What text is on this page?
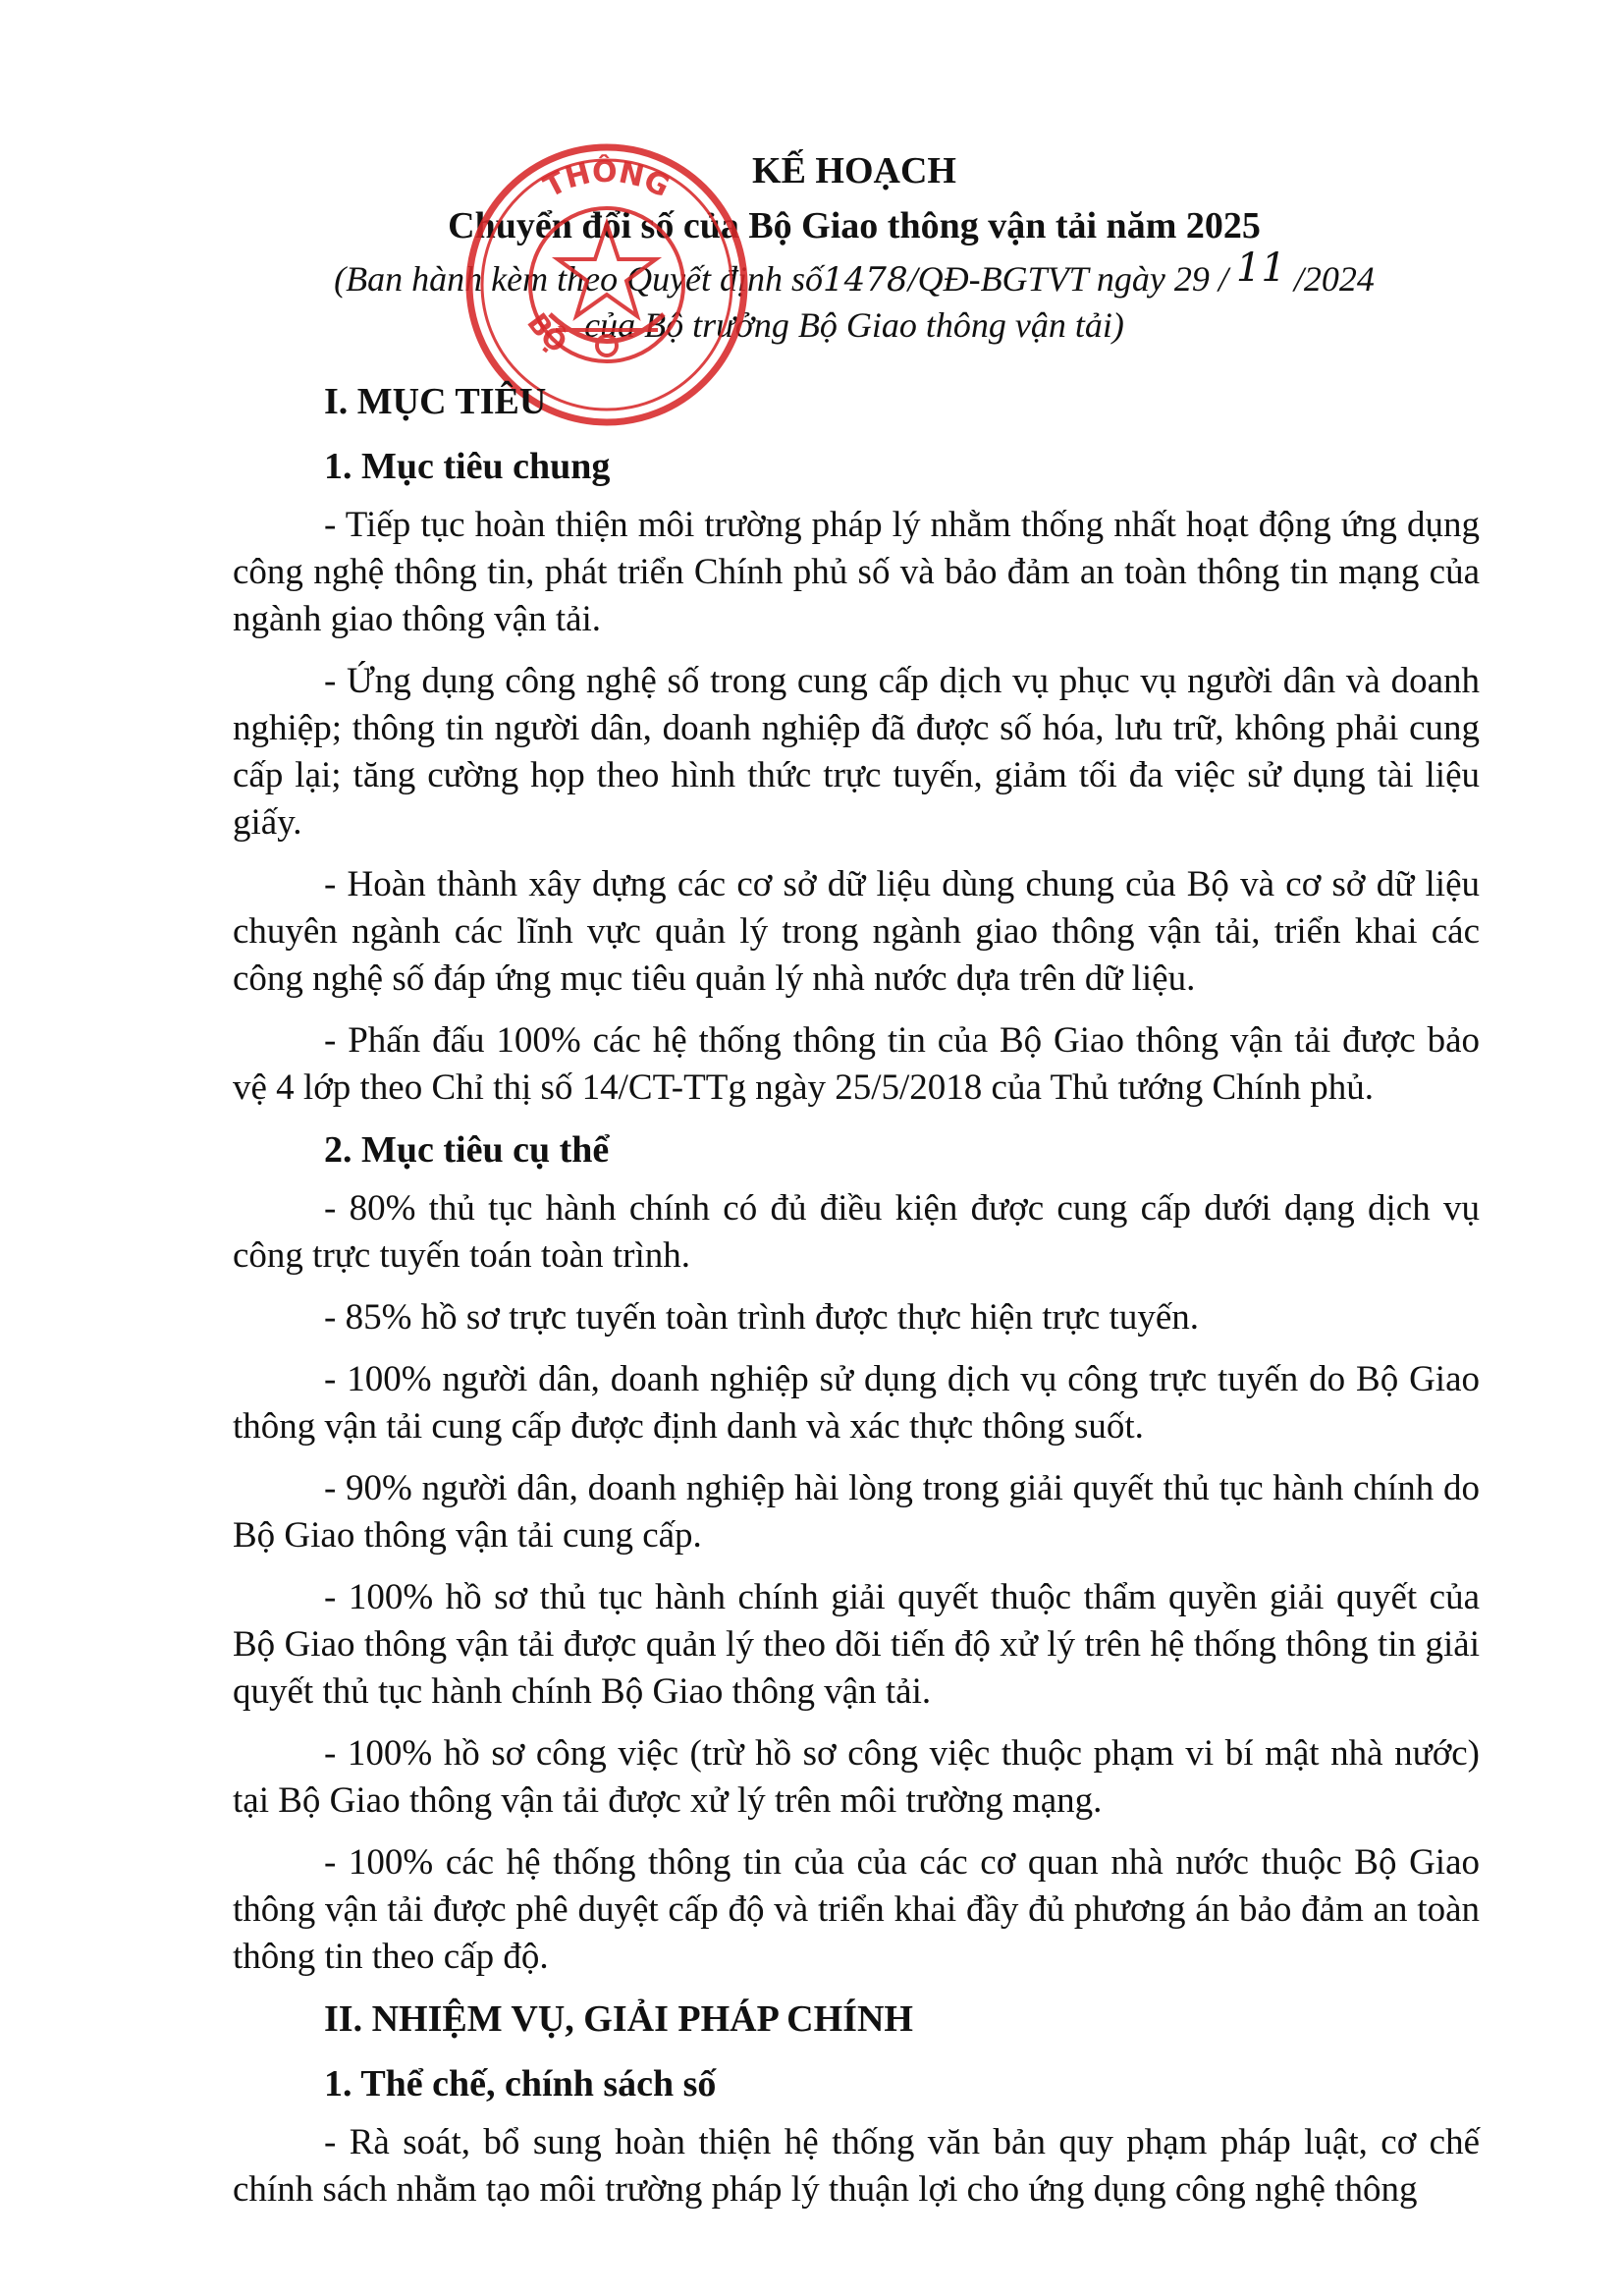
KẾ HOẠCH
Chuyển đổi số của Bộ Giao thông vận tải năm 2025
(Ban hành kèm theo Quyết định số1478/QĐ-BGTVT ngày 29 / 11 /2024
của Bộ trưởng Bộ Giao thông vận tải)
THÔNG
BỘ
I. MỤC TIÊU
1. Mục tiêu chung

- Tiếp tục hoàn thiện môi trường pháp lý nhằm thống nhất hoạt động ứng dụng công nghệ thông tin, phát triển Chính phủ số và bảo đảm an toàn thông tin mạng của ngành giao thông vận tải.

- Ứng dụng công nghệ số trong cung cấp dịch vụ phục vụ người dân và doanh nghiệp; thông tin người dân, doanh nghiệp đã được số hóa, lưu trữ, không phải cung cấp lại; tăng cường họp theo hình thức trực tuyến, giảm tối đa việc sử dụng tài liệu giấy.

- Hoàn thành xây dựng các cơ sở dữ liệu dùng chung của Bộ và cơ sở dữ liệu chuyên ngành các lĩnh vực quản lý trong ngành giao thông vận tải, triển khai các công nghệ số đáp ứng mục tiêu quản lý nhà nước dựa trên dữ liệu.

- Phấn đấu 100% các hệ thống thông tin của Bộ Giao thông vận tải được bảo vệ 4 lớp theo Chỉ thị số 14/CT-TTg ngày 25/5/2018 của Thủ tướng Chính phủ.

2. Mục tiêu cụ thể

- 80% thủ tục hành chính có đủ điều kiện được cung cấp dưới dạng dịch vụ công trực tuyến toán toàn trình.

- 85% hồ sơ trực tuyến toàn trình được thực hiện trực tuyến.

- 100% người dân, doanh nghiệp sử dụng dịch vụ công trực tuyến do Bộ Giao thông vận tải cung cấp được định danh và xác thực thông suốt.

- 90% người dân, doanh nghiệp hài lòng trong giải quyết thủ tục hành chính do Bộ Giao thông vận tải cung cấp.

- 100% hồ sơ thủ tục hành chính giải quyết thuộc thẩm quyền giải quyết của Bộ Giao thông vận tải được quản lý theo dõi tiến độ xử lý trên hệ thống thông tin giải quyết thủ tục hành chính Bộ Giao thông vận tải.

- 100% hồ sơ công việc (trừ hồ sơ công việc thuộc phạm vi bí mật nhà nước) tại Bộ Giao thông vận tải được xử lý trên môi trường mạng.

- 100% các hệ thống thông tin của của các cơ quan nhà nước thuộc Bộ Giao thông vận tải được phê duyệt cấp độ và triển khai đầy đủ phương án bảo đảm an toàn thông tin theo cấp độ.

II. NHIỆM VỤ, GIẢI PHÁP CHÍNH
1. Thể chế, chính sách số

- Rà soát, bổ sung hoàn thiện hệ thống văn bản quy phạm pháp luật, cơ chế chính sách nhằm tạo môi trường pháp lý thuận lợi cho ứng dụng công nghệ thông
